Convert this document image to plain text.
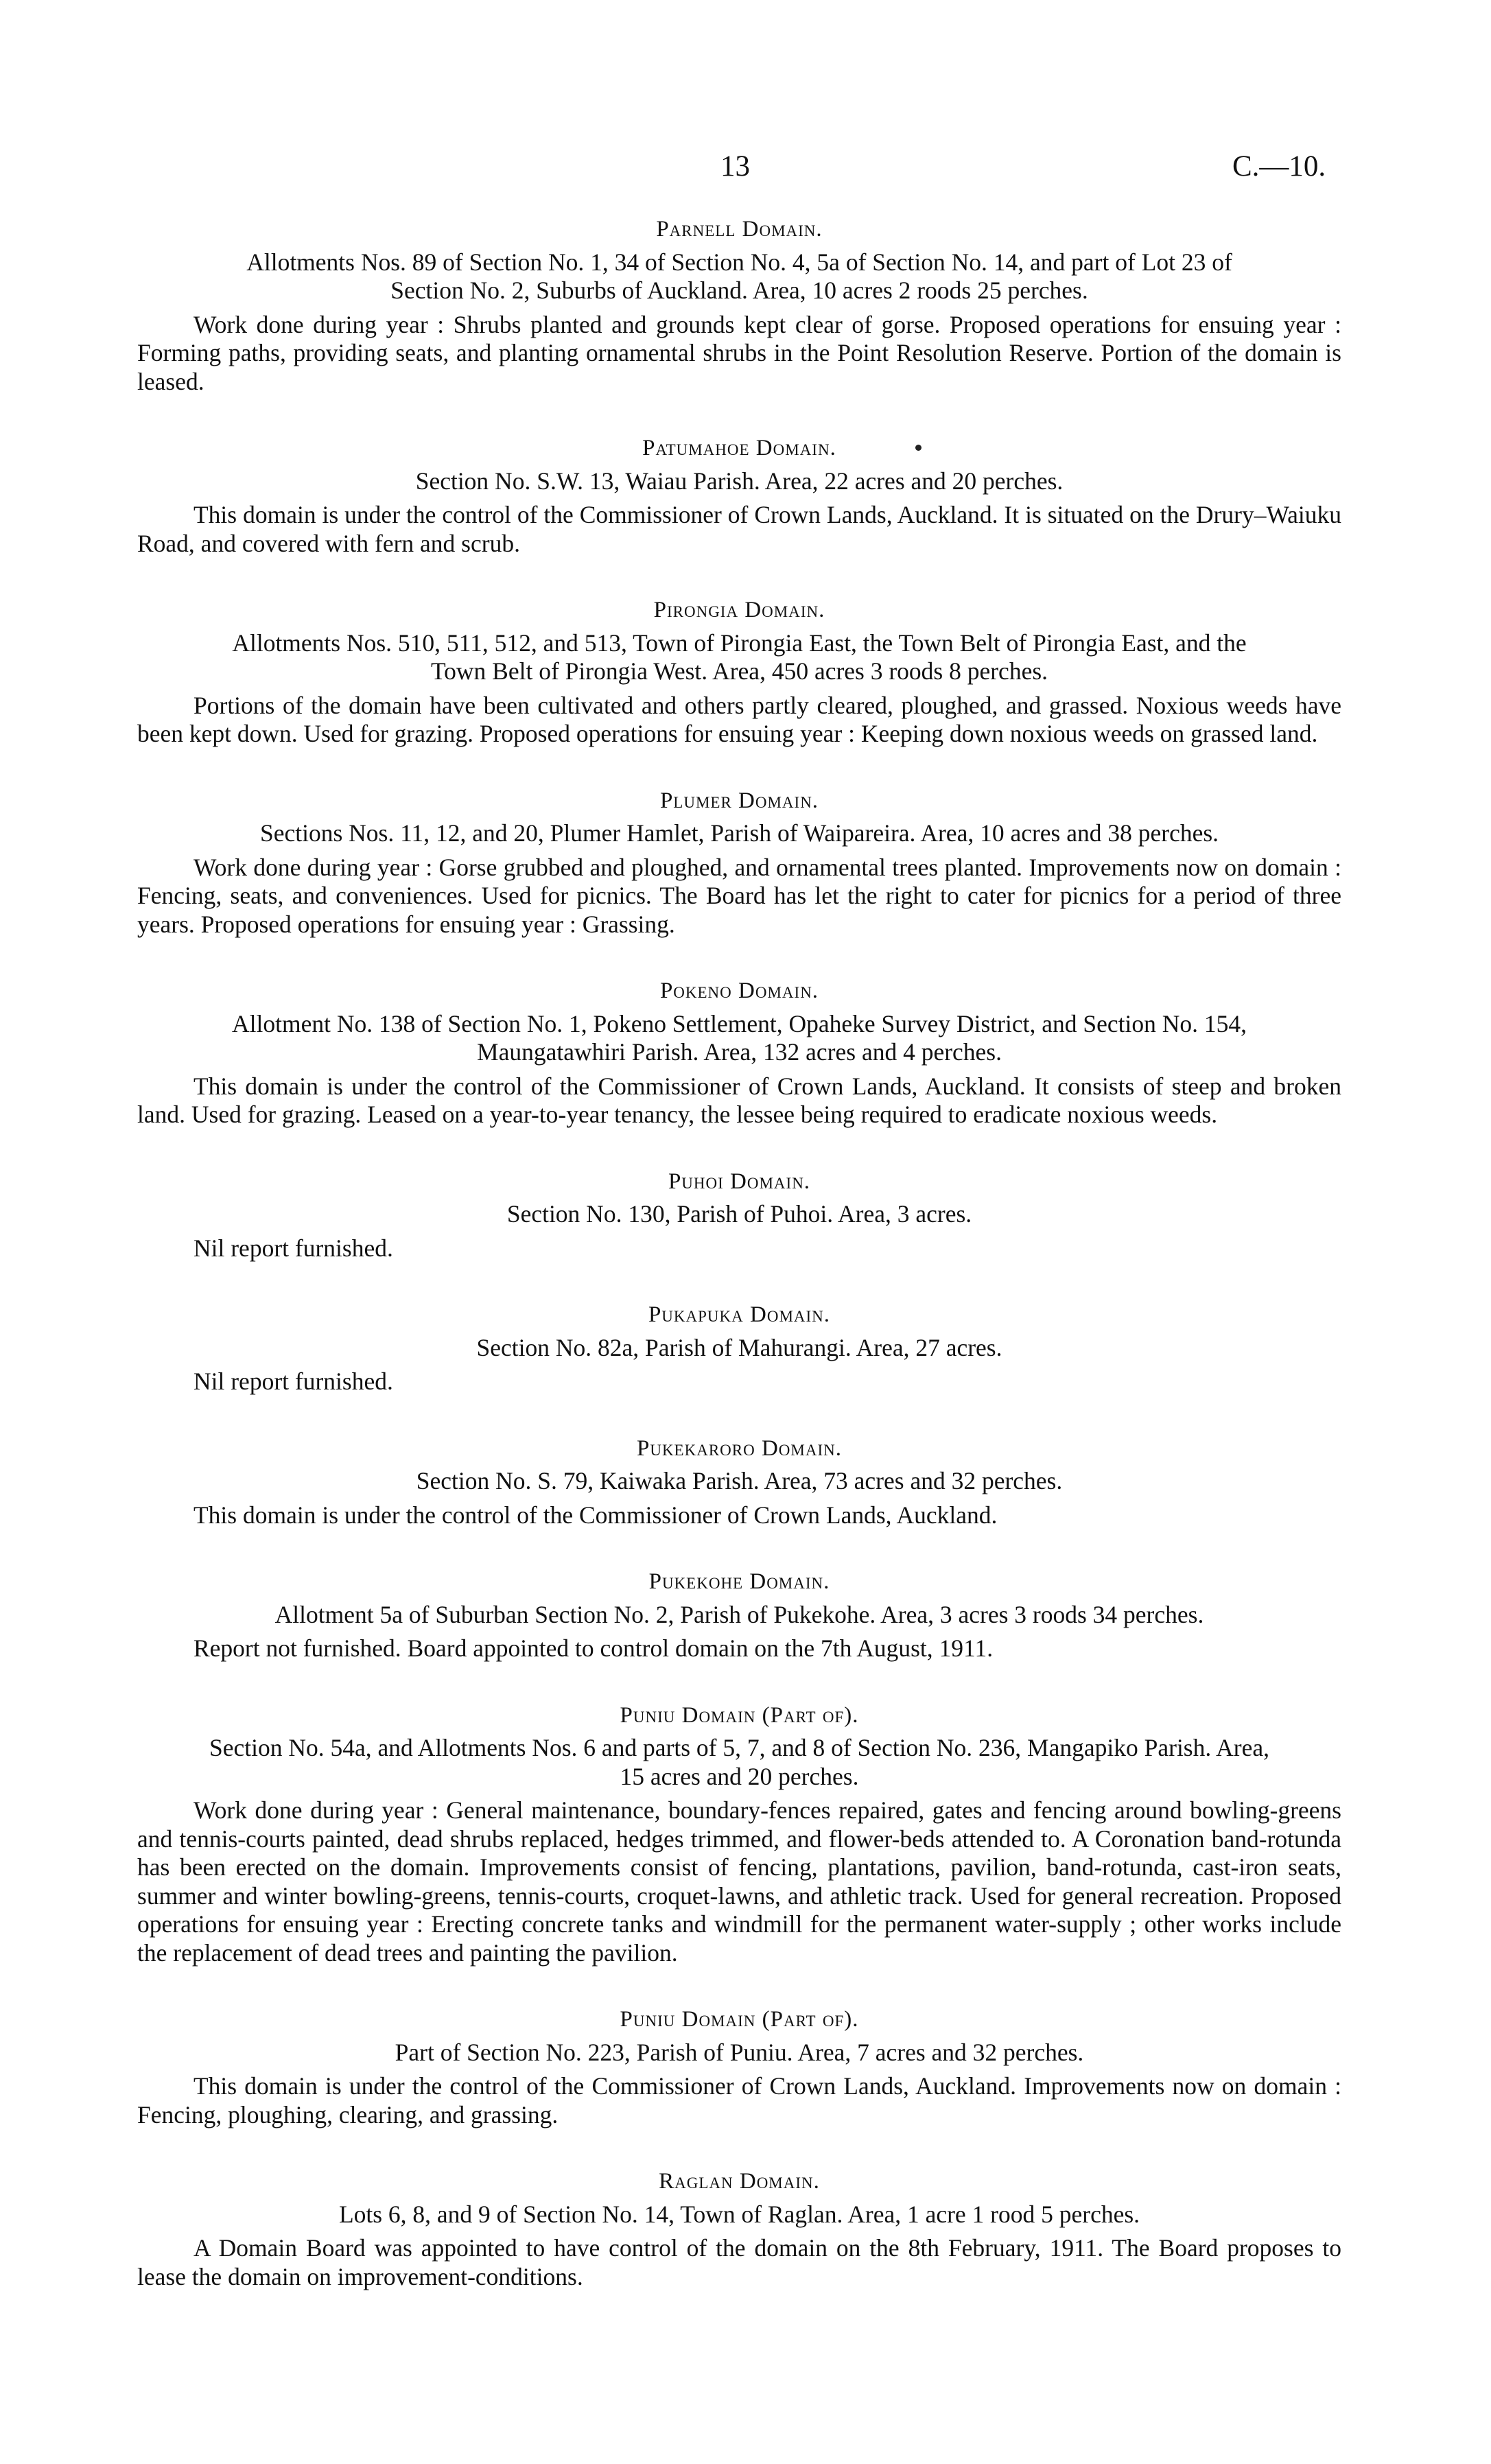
13	C.—10.
Parnell Domain.
Allotments Nos. 89 of Section No. 1, 34 of Section No. 4, 5a of Section No. 14, and part of Lot 23 of Section No. 2, Suburbs of Auckland. Area, 10 acres 2 roods 25 perches.
Work done during year : Shrubs planted and grounds kept clear of gorse. Proposed operations for ensuing year : Forming paths, providing seats, and planting ornamental shrubs in the Point Resolution Reserve. Portion of the domain is leased.
Patumahoe Domain.
Section No. S.W. 13, Waiau Parish. Area, 22 acres and 20 perches.
This domain is under the control of the Commissioner of Crown Lands, Auckland. It is situated on the Drury–Waiuku Road, and covered with fern and scrub.
Pirongia Domain.
Allotments Nos. 510, 511, 512, and 513, Town of Pirongia East, the Town Belt of Pirongia East, and the Town Belt of Pirongia West. Area, 450 acres 3 roods 8 perches.
Portions of the domain have been cultivated and others partly cleared, ploughed, and grassed. Noxious weeds have been kept down. Used for grazing. Proposed operations for ensuing year : Keeping down noxious weeds on grassed land.
Plumer Domain.
Sections Nos. 11, 12, and 20, Plumer Hamlet, Parish of Waipareira. Area, 10 acres and 38 perches.
Work done during year : Gorse grubbed and ploughed, and ornamental trees planted. Improvements now on domain : Fencing, seats, and conveniences. Used for picnics. The Board has let the right to cater for picnics for a period of three years. Proposed operations for ensuing year : Grassing.
Pokeno Domain.
Allotment No. 138 of Section No. 1, Pokeno Settlement, Opaheke Survey District, and Section No. 154, Maungatawhiri Parish. Area, 132 acres and 4 perches.
This domain is under the control of the Commissioner of Crown Lands, Auckland. It consists of steep and broken land. Used for grazing. Leased on a year-to-year tenancy, the lessee being required to eradicate noxious weeds.
Puhoi Domain.
Section No. 130, Parish of Puhoi. Area, 3 acres.
Nil report furnished.
Pukapuka Domain.
Section No. 82a, Parish of Mahurangi. Area, 27 acres.
Nil report furnished.
Pukekaroro Domain.
Section No. S. 79, Kaiwaka Parish. Area, 73 acres and 32 perches.
This domain is under the control of the Commissioner of Crown Lands, Auckland.
Pukekohe Domain.
Allotment 5a of Suburban Section No. 2, Parish of Pukekohe. Area, 3 acres 3 roods 34 perches.
Report not furnished. Board appointed to control domain on the 7th August, 1911.
Puniu Domain (Part of).
Section No. 54a, and Allotments Nos. 6 and parts of 5, 7, and 8 of Section No. 236, Mangapiko Parish. Area, 15 acres and 20 perches.
Work done during year : General maintenance, boundary-fences repaired, gates and fencing around bowling-greens and tennis-courts painted, dead shrubs replaced, hedges trimmed, and flower-beds attended to. A Coronation band-rotunda has been erected on the domain. Improvements consist of fencing, plantations, pavilion, band-rotunda, cast-iron seats, summer and winter bowling-greens, tennis-courts, croquet-lawns, and athletic track. Used for general recreation. Proposed operations for ensuing year : Erecting concrete tanks and windmill for the permanent water-supply ; other works include the replacement of dead trees and painting the pavilion.
Puniu Domain (Part of).
Part of Section No. 223, Parish of Puniu. Area, 7 acres and 32 perches.
This domain is under the control of the Commissioner of Crown Lands, Auckland. Improvements now on domain : Fencing, ploughing, clearing, and grassing.
Raglan Domain.
Lots 6, 8, and 9 of Section No. 14, Town of Raglan. Area, 1 acre 1 rood 5 perches.
A Domain Board was appointed to have control of the domain on the 8th February, 1911. The Board proposes to lease the domain on improvement-conditions.
